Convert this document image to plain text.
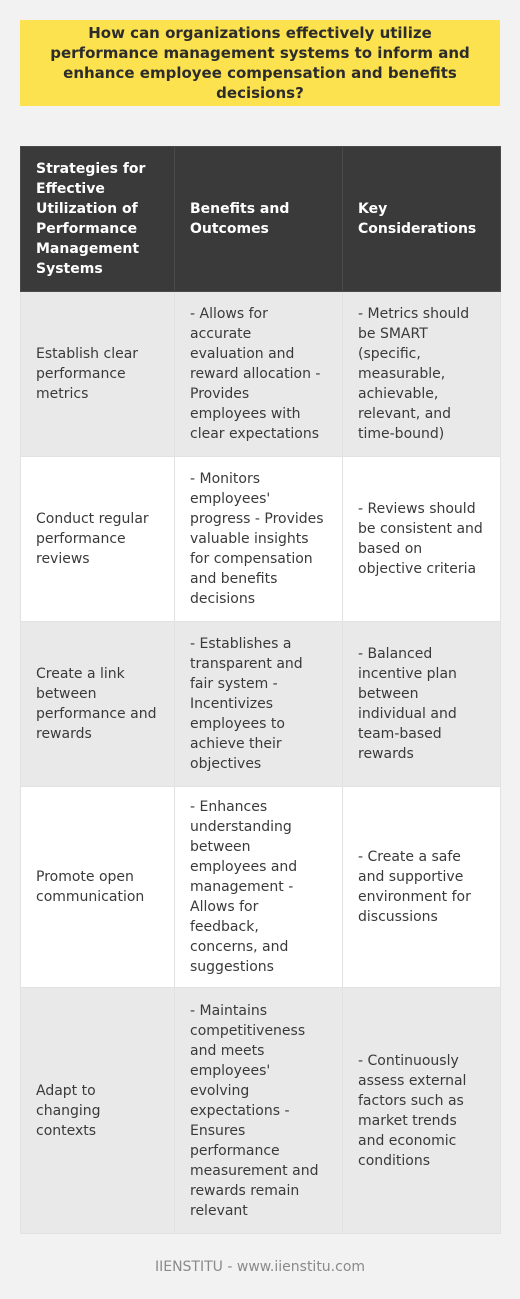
How can organizations effectively utilize performance management systems to inform and enhance employee compensation and benefits decisions?
Strategies for Effective Utilization of Performance Management Systems	Benefits and Outcomes	Key Considerations
Establish clear performance metrics	- Allows for accurate evaluation and reward allocation - Provides employees with clear expectations	- Metrics should be SMART (specific, measurable, achievable, relevant, and time-bound)
Conduct regular performance reviews	- Monitors employees' progress - Provides valuable insights for compensation and benefits decisions	- Reviews should be consistent and based on objective criteria
Create a link between performance and rewards	- Establishes a transparent and fair system - Incentivizes employees to achieve their objectives	- Balanced incentive plan between individual and team-based rewards
Promote open communication	- Enhances understanding between employees and management - Allows for feedback, concerns, and suggestions	- Create a safe and supportive environment for discussions
Adapt to changing contexts	- Maintains competitiveness and meets employees' evolving expectations - Ensures performance measurement and rewards remain relevant	- Continuously assess external factors such as market trends and economic conditions
IIENSTITU - www.iienstitu.com
